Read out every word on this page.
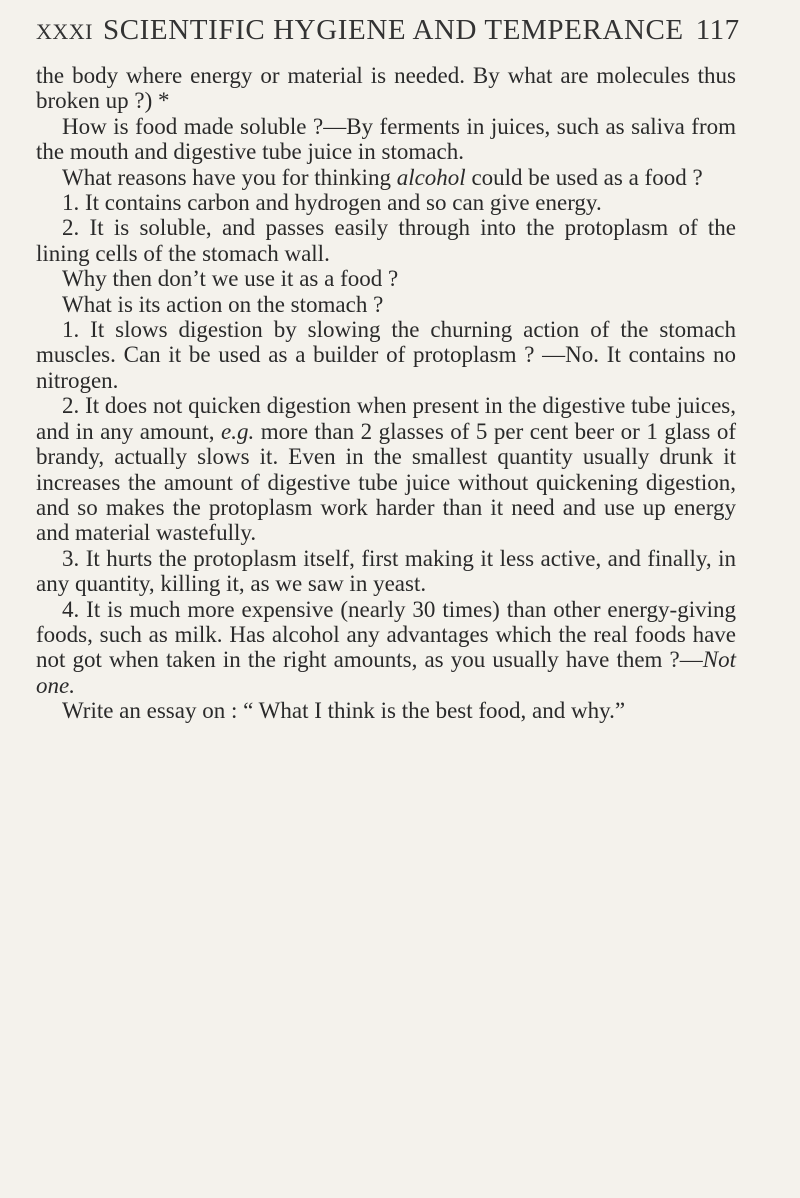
XXXI SCIENTIFIC HYGIENE AND TEMPERANCE 117

the body where energy or material is needed. By what are molecules thus broken up ?) *

How is food made soluble ?—By ferments in juices, such as saliva from the mouth and digestive tube juice in stomach.

What reasons have you for thinking alcohol could be used as a food ?

1. It contains carbon and hydrogen and so can give energy.

2. It is soluble, and passes easily through into the protoplasm of the lining cells of the stomach wall.

Why then don’t we use it as a food ?

What is its action on the stomach ?

1. It slows digestion by slowing the churning action of the stomach muscles. Can it be used as a builder of protoplasm ? —No. It contains no nitrogen.

2. It does not quicken digestion when present in the digestive tube juices, and in any amount, e.g. more than 2 glasses of 5 per cent beer or 1 glass of brandy, actually slows it. Even in the smallest quantity usually drunk it increases the amount of digestive tube juice without quickening digestion, and so makes the protoplasm work harder than it need and use up energy and material wastefully.

3. It hurts the protoplasm itself, first making it less active, and finally, in any quantity, killing it, as we saw in yeast.

4. It is much more expensive (nearly 30 times) than other energy-giving foods, such as milk. Has alcohol any advantages which the real foods have not got when taken in the right amounts, as you usually have them ?—Not one.

Write an essay on : “ What I think is the best food, and why.”
